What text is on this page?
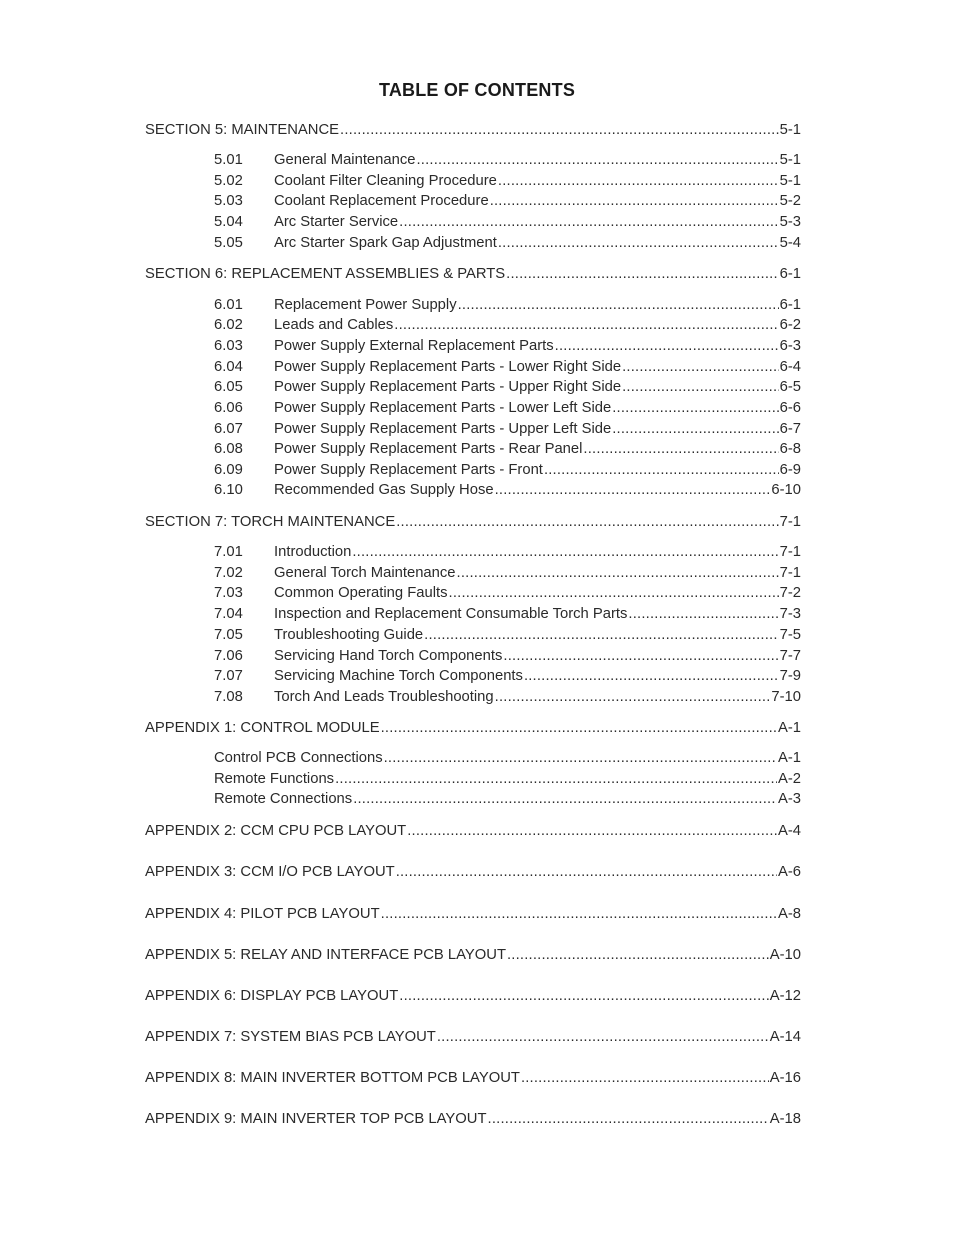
TABLE OF CONTENTS
SECTION 5: MAINTENANCE .....	5-1
5.01	General Maintenance .....	5-1
5.02	Coolant Filter Cleaning Procedure .....	5-1
5.03	Coolant Replacement Procedure .....	5-2
5.04	Arc Starter Service .....	5-3
5.05	Arc Starter Spark Gap Adjustment .....	5-4
SECTION 6: REPLACEMENT ASSEMBLIES & PARTS .....	6-1
6.01	Replacement Power Supply .....	6-1
6.02	Leads and Cables .....	6-2
6.03	Power Supply External Replacement Parts .....	6-3
6.04	Power Supply Replacement Parts - Lower Right Side .....	6-4
6.05	Power Supply Replacement Parts - Upper Right Side .....	6-5
6.06	Power Supply Replacement Parts - Lower Left Side .....	6-6
6.07	Power Supply Replacement Parts - Upper Left Side .....	6-7
6.08	Power Supply Replacement Parts - Rear Panel .....	6-8
6.09	Power Supply Replacement Parts - Front .....	6-9
6.10	Recommended Gas Supply Hose .....	6-10
SECTION 7: TORCH MAINTENANCE .....	7-1
7.01	Introduction .....	7-1
7.02	General Torch Maintenance .....	7-1
7.03	Common Operating Faults .....	7-2
7.04	Inspection and Replacement Consumable Torch Parts .....	7-3
7.05	Troubleshooting Guide .....	7-5
7.06	Servicing Hand Torch Components .....	7-7
7.07	Servicing Machine Torch Components .....	7-9
7.08	Torch And Leads Troubleshooting .....	7-10
APPENDIX 1: CONTROL MODULE .....	A-1
Control PCB Connections .....	A-1
Remote Functions .....	A-2
Remote Connections .....	A-3
APPENDIX 2: CCM CPU PCB LAYOUT .....	A-4
APPENDIX 3: CCM I/O PCB LAYOUT .....	A-6
APPENDIX 4: PILOT PCB LAYOUT .....	A-8
APPENDIX 5: RELAY AND INTERFACE PCB LAYOUT .....	A-10
APPENDIX 6: DISPLAY PCB LAYOUT .....	A-12
APPENDIX 7: SYSTEM BIAS PCB LAYOUT .....	A-14
APPENDIX 8: MAIN INVERTER BOTTOM PCB LAYOUT .....	A-16
APPENDIX 9: MAIN INVERTER TOP PCB LAYOUT .....	A-18
